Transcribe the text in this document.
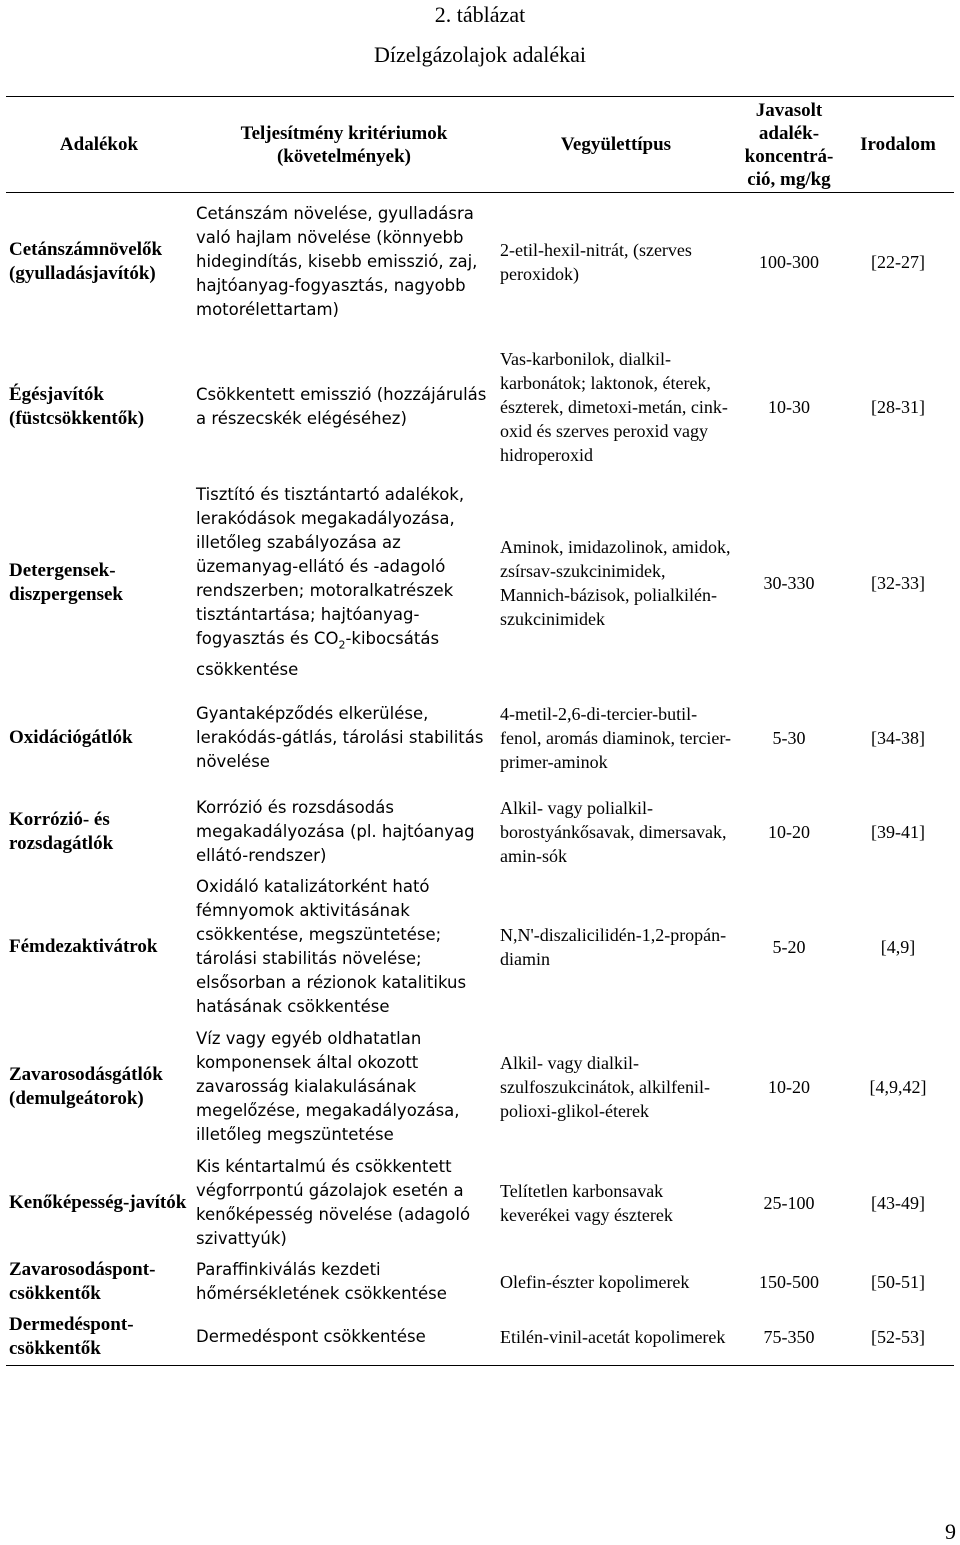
2. táblázat
Dízelgázolajok adalékai
Adalékok	Teljesítmény kritériumok (követelmények)	Vegyülettípus	Javasolt adalék-koncentrá-ció, mg/kg	Irodalom
Cetánszámnövelők (gyulladásjavítók)	Cetánszám növelése, gyulladásra való hajlam növelése (könnyebb hidegindítás, kisebb emisszió, zaj, hajtóanyag-fogyasztás, nagyobb motorélettartam)	2-etil-hexil-nitrát, (szerves peroxidok)	100-300	[22-27]
Égésjavítók (füstcsökkentők)	Csökkentett emisszió (hozzájárulás a részecskék elégéséhez)	Vas-karbonilok, dialkil-karbonátok; laktonok, éterek, észterek, dimetoxi-metán, cink-oxid és szerves peroxid vagy hidroperoxid	10-30	[28-31]
Detergensek-diszpergensek	Tisztító és tisztántartó adalékok, lerakódások megakadályozása, illetőleg szabályozása az üzemanyag-ellátó és -adagoló rendszerben; motoralkatrészek tisztántartása; hajtóanyag-fogyasztás és $CO_2$-kibocsátás csökkentése	Aminok, imidazolinok, amidok, zsírsav-szukcinimidek, Mannich-bázisok, polialkilén-szukcinimidek	30-330	[32-33]
Oxidációgátlók	Gyantaképződés elkerülése, lerakódás-gátlás, tárolási stabilitás növelése	4-metil-2,6-di-tercier-butil-fenol, aromás diaminok, tercier-primer-aminok	5-30	[34-38]
Korrózió- és rozsdagátlók	Korrózió és rozsdásodás megakadályozása (pl. hajtóanyag ellátó-rendszer)	Alkil- vagy polialkil-borostyánkősavak, dimersavak, amin-sók	10-20	[39-41]
Fémdezaktivátrok	Oxidáló katalizátorként ható fémnyomok aktivitásának csökkentése, megszüntetése; tárolási stabilitás növelése; elsősorban a rézionok katalitikus hatásának csökkentése	N,N'-diszalicilidén-1,2-propán-diamin	5-20	[4,9]
Zavarosodásgátlók (demulgeátorok)	Víz vagy egyéb oldhatatlan komponensek által okozott zavarosság kialakulásának megelőzése, megakadályozása, illetőleg megszüntetése	Alkil- vagy dialkil-szulfoszukcinátok, alkilfenil-polioxi-glikol-éterek	10-20	[4,9,42]
Kenőképesség-javítók	Kis kéntartalmú és csökkentett végforrpontú gázolajok esetén a kenőképesség növelése (adagoló szivattyúk)	Telítetlen karbonsavak keverékei vagy észterek	25-100	[43-49]
Zavarosodáspont-csökkentők	Paraffinkiválás kezdeti hőmérsékletének csökkentése	Olefin-észter kopolimerek	150-500	[50-51]
Dermedéspont-csökkentők	Dermedéspont csökkentése	Etilén-vinil-acetát kopolimerek	75-350	[52-53]
9
